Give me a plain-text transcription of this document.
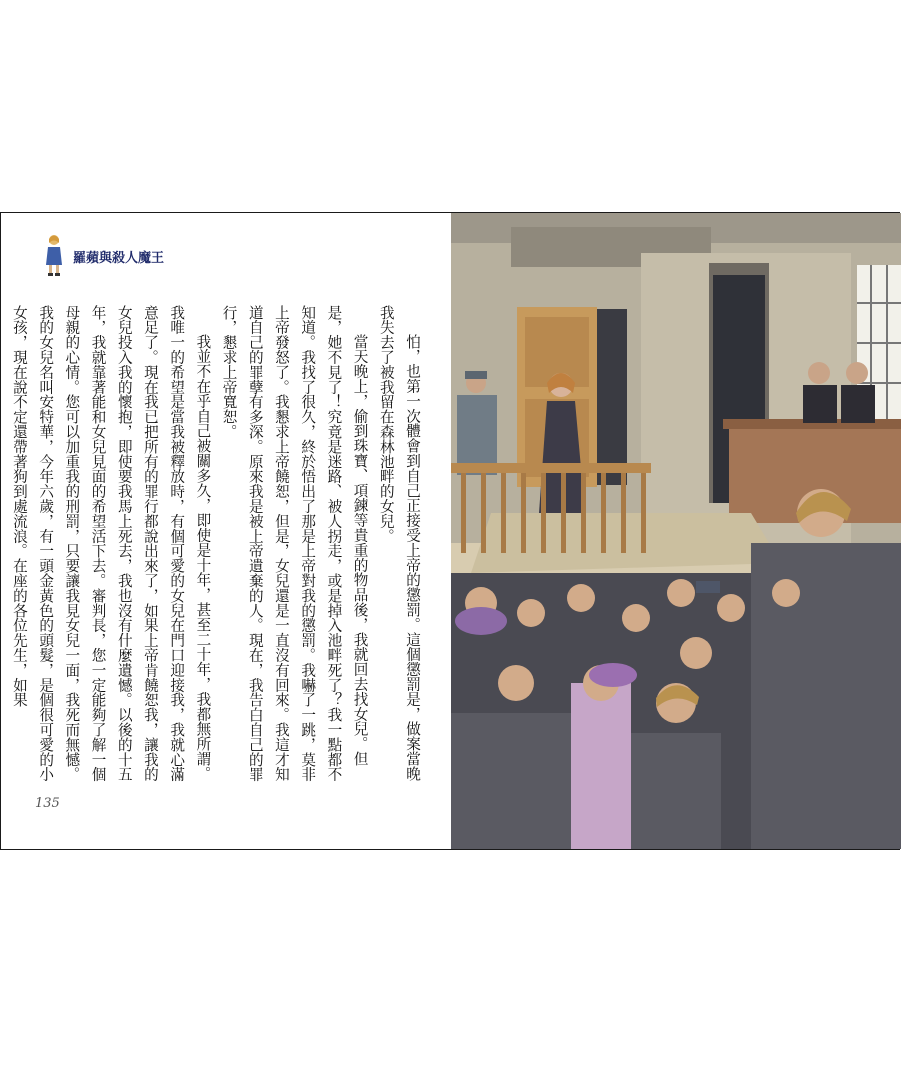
羅蘋與殺人魔王

怕，也第一次體會到自己正接受上帝的懲罰。這個懲罰是，做案當晚我失去了被我留在森林池畔的女兒。

當天晚上，偷到珠寶、項鍊等貴重的物品後，我就回去找女兒。但是，她不見了！究竟是迷路、被人拐走，或是掉入池畔死了？我一點都不知道。我找了很久，終於悟出了那是上帝對我的懲罰。我嚇了一跳，莫非上帝發怒了。我懇求上帝饒恕，但是，女兒還是一直沒有回來。我這才知道自己的罪孽有多深。原來我是被上帝遺棄的人。現在，我告白自己的罪行，懇求上帝寬恕。

我並不在乎自己被關多久，即使是十年，甚至二十年，我都無所謂。我唯一的希望是當我被釋放時，有個可愛的女兒在門口迎接我，我就心滿意足了。現在我已把所有的罪行都說出來了，如果上帝肯饒恕我，讓我的女兒投入我的懷抱，即使要我馬上死去，我也沒有什麼遺憾。以後的十五年，我就靠著能和女兒見面的希望活下去。審判長，您一定能夠了解一個母親的心情。您可以加重我的刑罰，只要讓我見女兒一面，我死而無憾。我的女兒名叫安特華，今年六歲，有一頭金黃色的頭髮，是個很可愛的小女孩，現在說不定還帶著狗到處流浪。在座的各位先生，如果

135
